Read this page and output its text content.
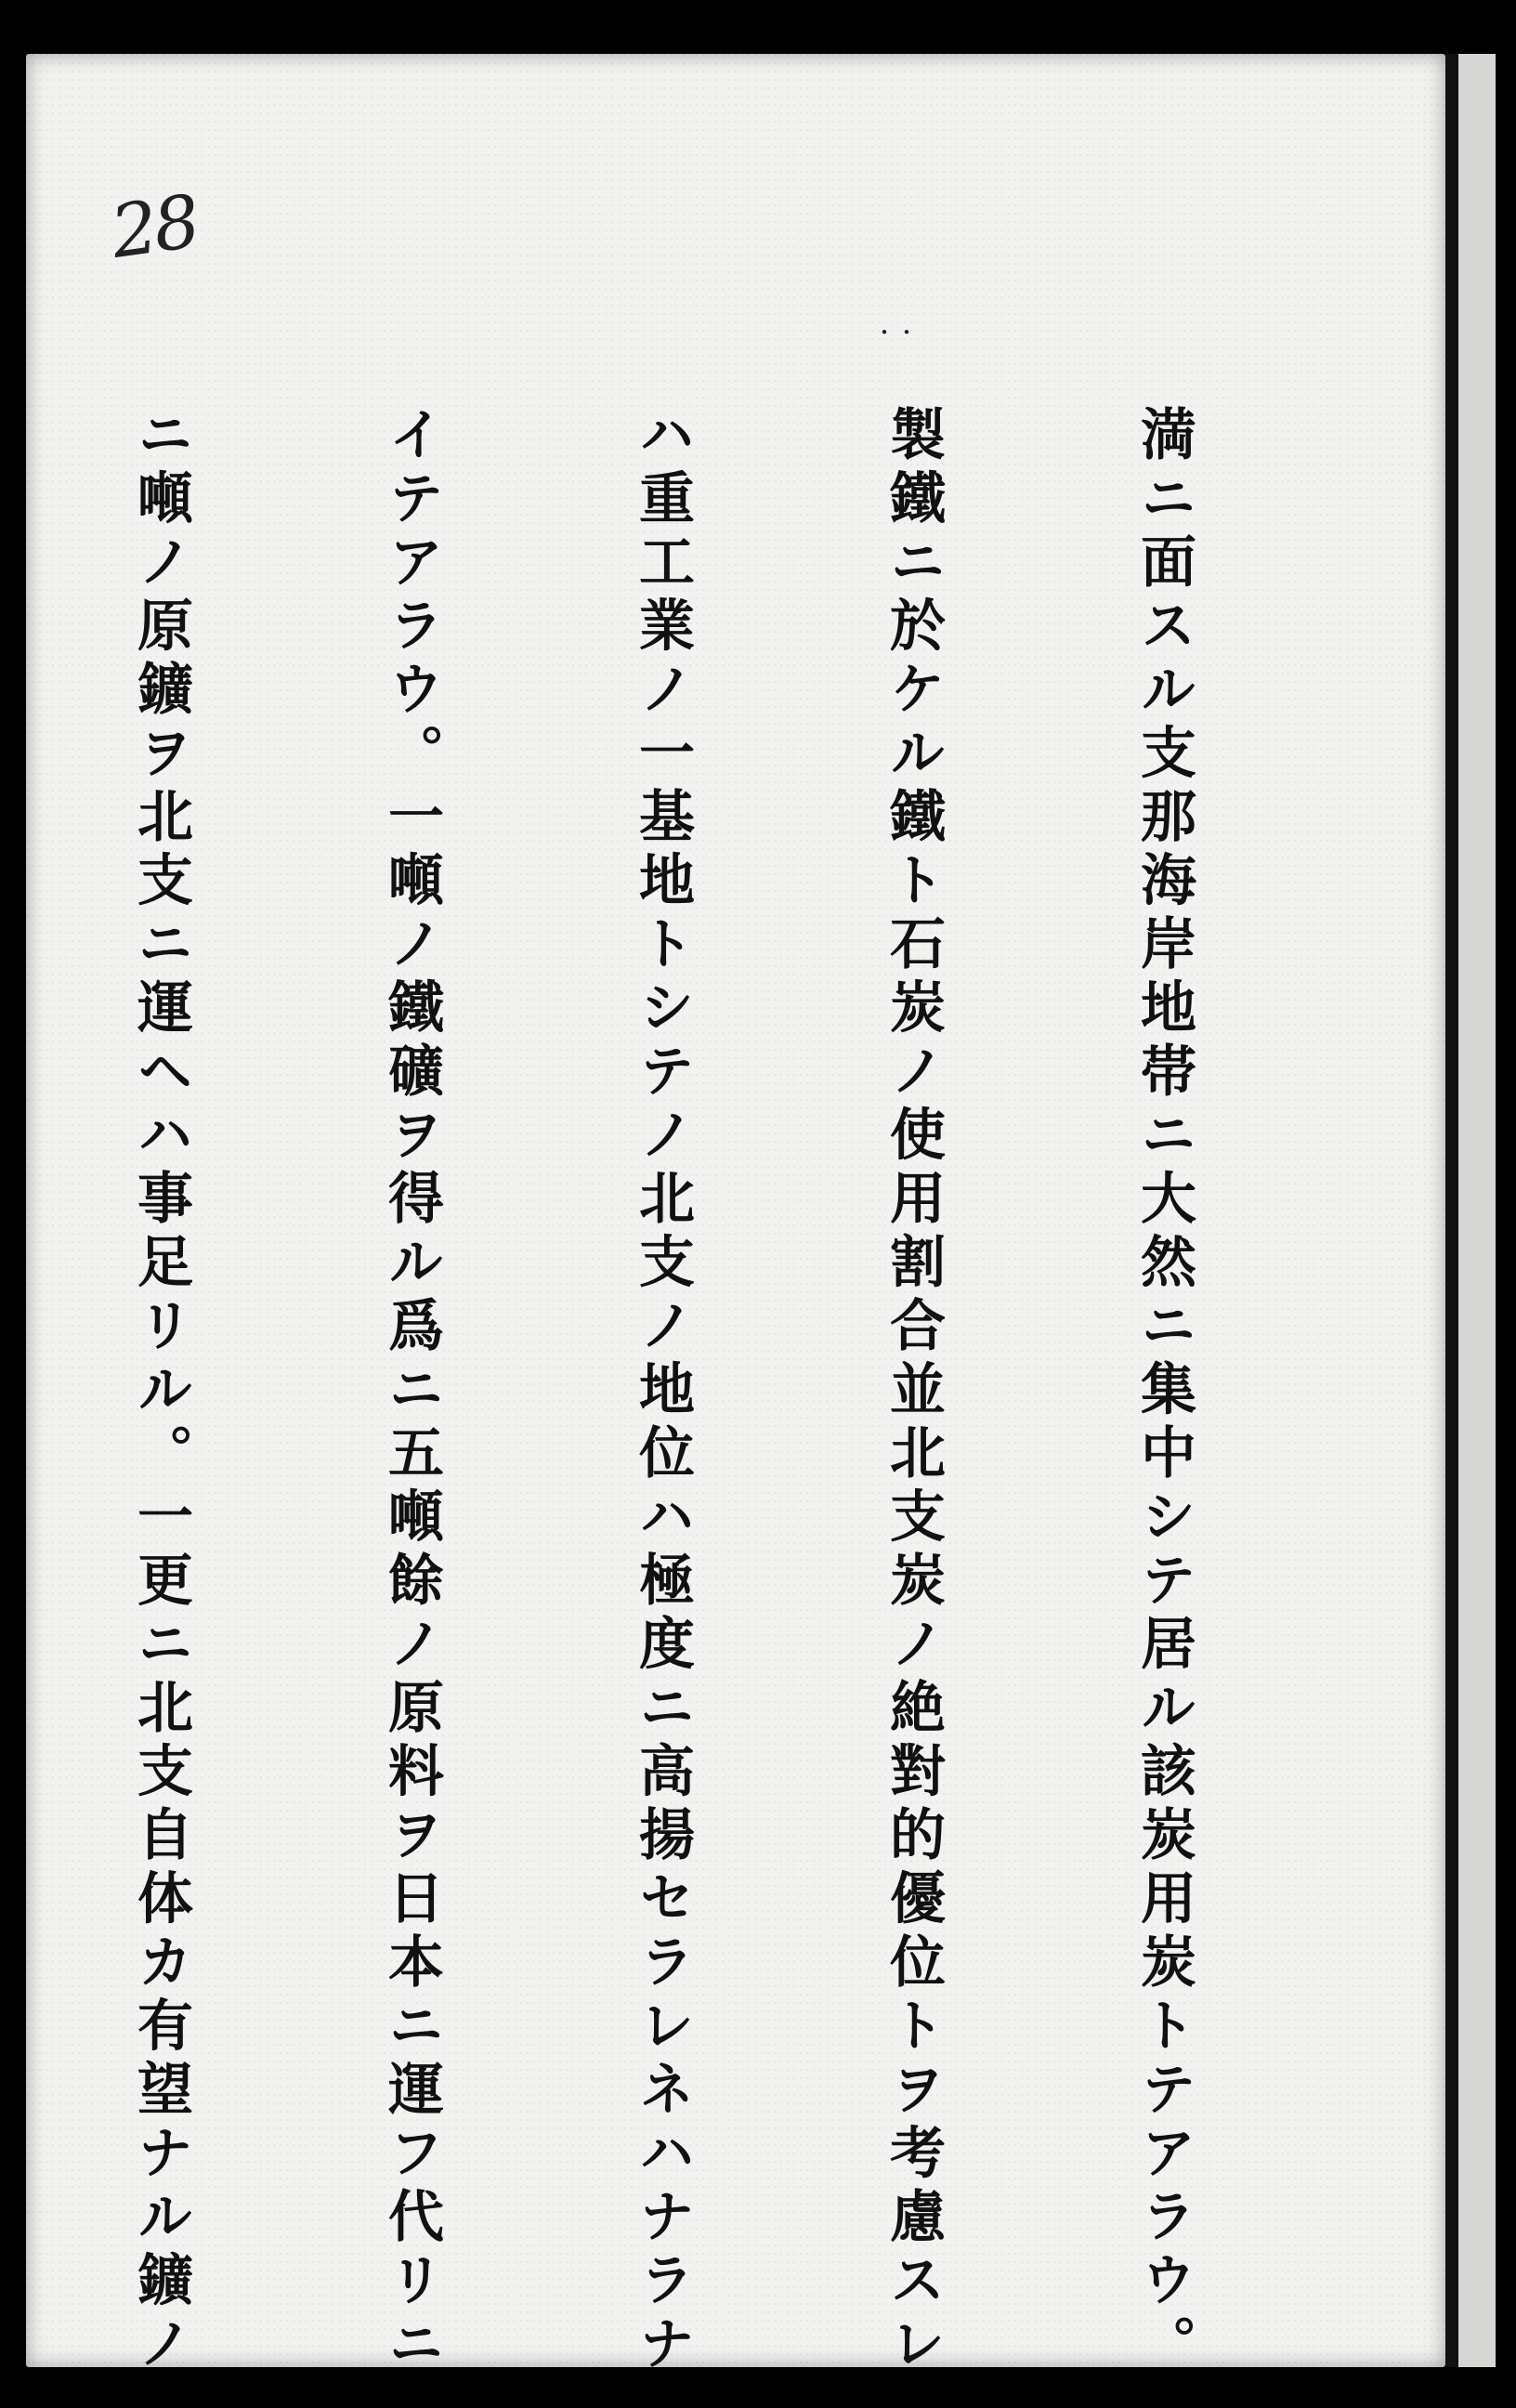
28
・・

満ニ面スル支那海岸地帯ニ大然ニ集中シテ居ル該炭用炭トテアラウ。

製鐵ニ於ケル鐵ト石炭ノ使用割合並北支炭ノ絶對的優位トヲ考慮スレ

ハ重工業ノ一基地トシテノ北支ノ地位ハ極度ニ高揚セラレネハナラナ

イテアラウ。一噸ノ鐵礦ヲ得ル爲ニ五噸餘ノ原料ヲ日本ニ運フ代リニ

ニ噸ノ原鑛ヲ北支ニ運ヘハ事足リル。一更ニ北支自体カ有望ナル鑛ノ
